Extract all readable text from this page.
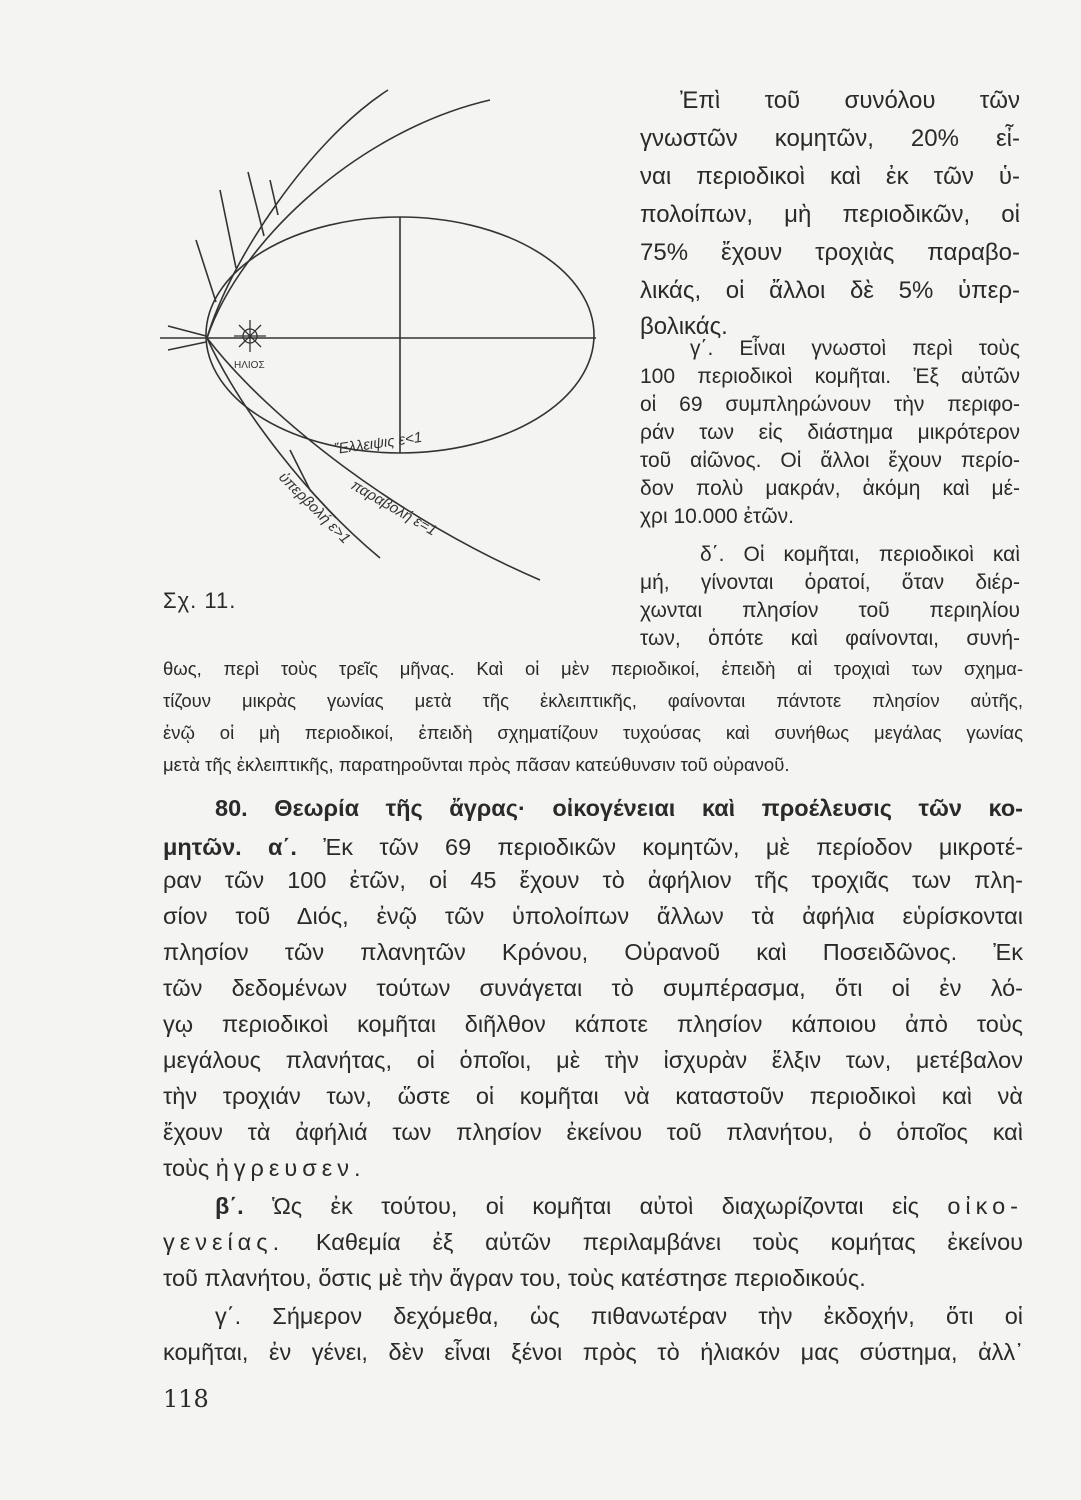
ΗΛΙΟΣ
Ἔλλειψις ε<1
παραβολή ε=1
ὑπερβολή ε>1
Σχ. 11.
Ἐπὶ τοῦ συνόλου τῶν
γνωστῶν κομητῶν, 20% εἶ-
ναι περιοδικοὶ καὶ ἐκ τῶν ὑ-
πολοίπων, μὴ περιοδικῶν, οἱ
75% ἔχουν τροχιὰς παραβο-
λικάς, οἱ ἄλλοι δὲ 5% ὑπερ-
βολικάς.
γ΄. Εἶναι γνωστοὶ περὶ τοὺς
100 περιοδικοὶ κομῆται. Ἐξ αὐτῶν
οἱ 69 συμπληρώνουν τὴν περιφο-
ράν των εἰς διάστημα μικρότερον
τοῦ αἰῶνος. Οἱ ἄλλοι ἔχουν περίο-
δον πολὺ μακράν, ἀκόμη καὶ μέ-
χρι 10.000 ἐτῶν.
δ΄. Οἱ κομῆται, περιοδικοὶ καὶ
μή, γίνονται ὁρατοί, ὅταν διέρ-
χωνται πλησίον τοῦ περιηλίου
των, ὁπότε καὶ φαίνονται, συνή-
θως, περὶ τοὺς τρεῖς μῆνας. Καὶ οἱ μὲν περιοδικοί, ἐπειδὴ αἱ τροχιαὶ των σχημα-
τίζουν μικρὰς γωνίας μετὰ τῆς ἐκλειπτικῆς, φαίνονται πάντοτε πλησίον αὐτῆς,
ἐνῷ οἱ μὴ περιοδικοί, ἐπειδὴ σχηματίζουν τυχούσας καὶ συνήθως μεγάλας γωνίας
μετὰ τῆς ἐκλειπτικῆς, παρατηροῦνται πρὸς πᾶσαν κατεύθυνσιν τοῦ οὐρανοῦ.
80. Θεωρία τῆς ἄγρας· οἰκογένειαι καὶ προέλευσις τῶν κο-
μητῶν. α΄. Ἐκ τῶν 69 περιοδικῶν κομητῶν, μὲ περίοδον μικροτέ-
ραν τῶν 100 ἐτῶν, οἱ 45 ἔχουν τὸ ἀφήλιον τῆς τροχιᾶς των πλη-
σίον τοῦ Διός, ἐνῷ τῶν ὑπολοίπων ἄλλων τὰ ἀφήλια εὑρίσκονται
πλησίον τῶν πλανητῶν Κρόνου, Οὐρανοῦ καὶ Ποσειδῶνος. Ἐκ
τῶν δεδομένων τούτων συνάγεται τὸ συμπέρασμα, ὅτι οἱ ἐν λό-
γῳ περιοδικοὶ κομῆται διῆλθον κάποτε πλησίον κάποιου ἀπὸ τοὺς
μεγάλους πλανήτας, οἱ ὁποῖοι, μὲ τὴν ἰσχυρὰν ἕλξιν των, μετέβαλον
τὴν τροχιάν των, ὥστε οἱ κομῆται νὰ καταστοῦν περιοδικοὶ καὶ νὰ
ἔχουν τὰ ἀφήλιά των πλησίον ἐκείνου τοῦ πλανήτου, ὁ ὁποῖος καὶ
τοὺς ἠγρευσεν.
β΄. Ὡς ἐκ τούτου, οἱ κομῆται αὐτοὶ διαχωρίζονται εἰς οἰκο-
γενείας. Καθεμία ἐξ αὐτῶν περιλαμβάνει τοὺς κομήτας ἐκείνου
τοῦ πλανήτου, ὅστις μὲ τὴν ἄγραν του, τοὺς κατέστησε περιοδικούς.
γ΄. Σήμερον δεχόμεθα, ὡς πιθανωτέραν τὴν ἐκδοχήν, ὅτι οἱ
κομῆται, ἐν γένει, δὲν εἶναι ξένοι πρὸς τὸ ἡλιακόν μας σύστημα, ἀλλ᾽
118
